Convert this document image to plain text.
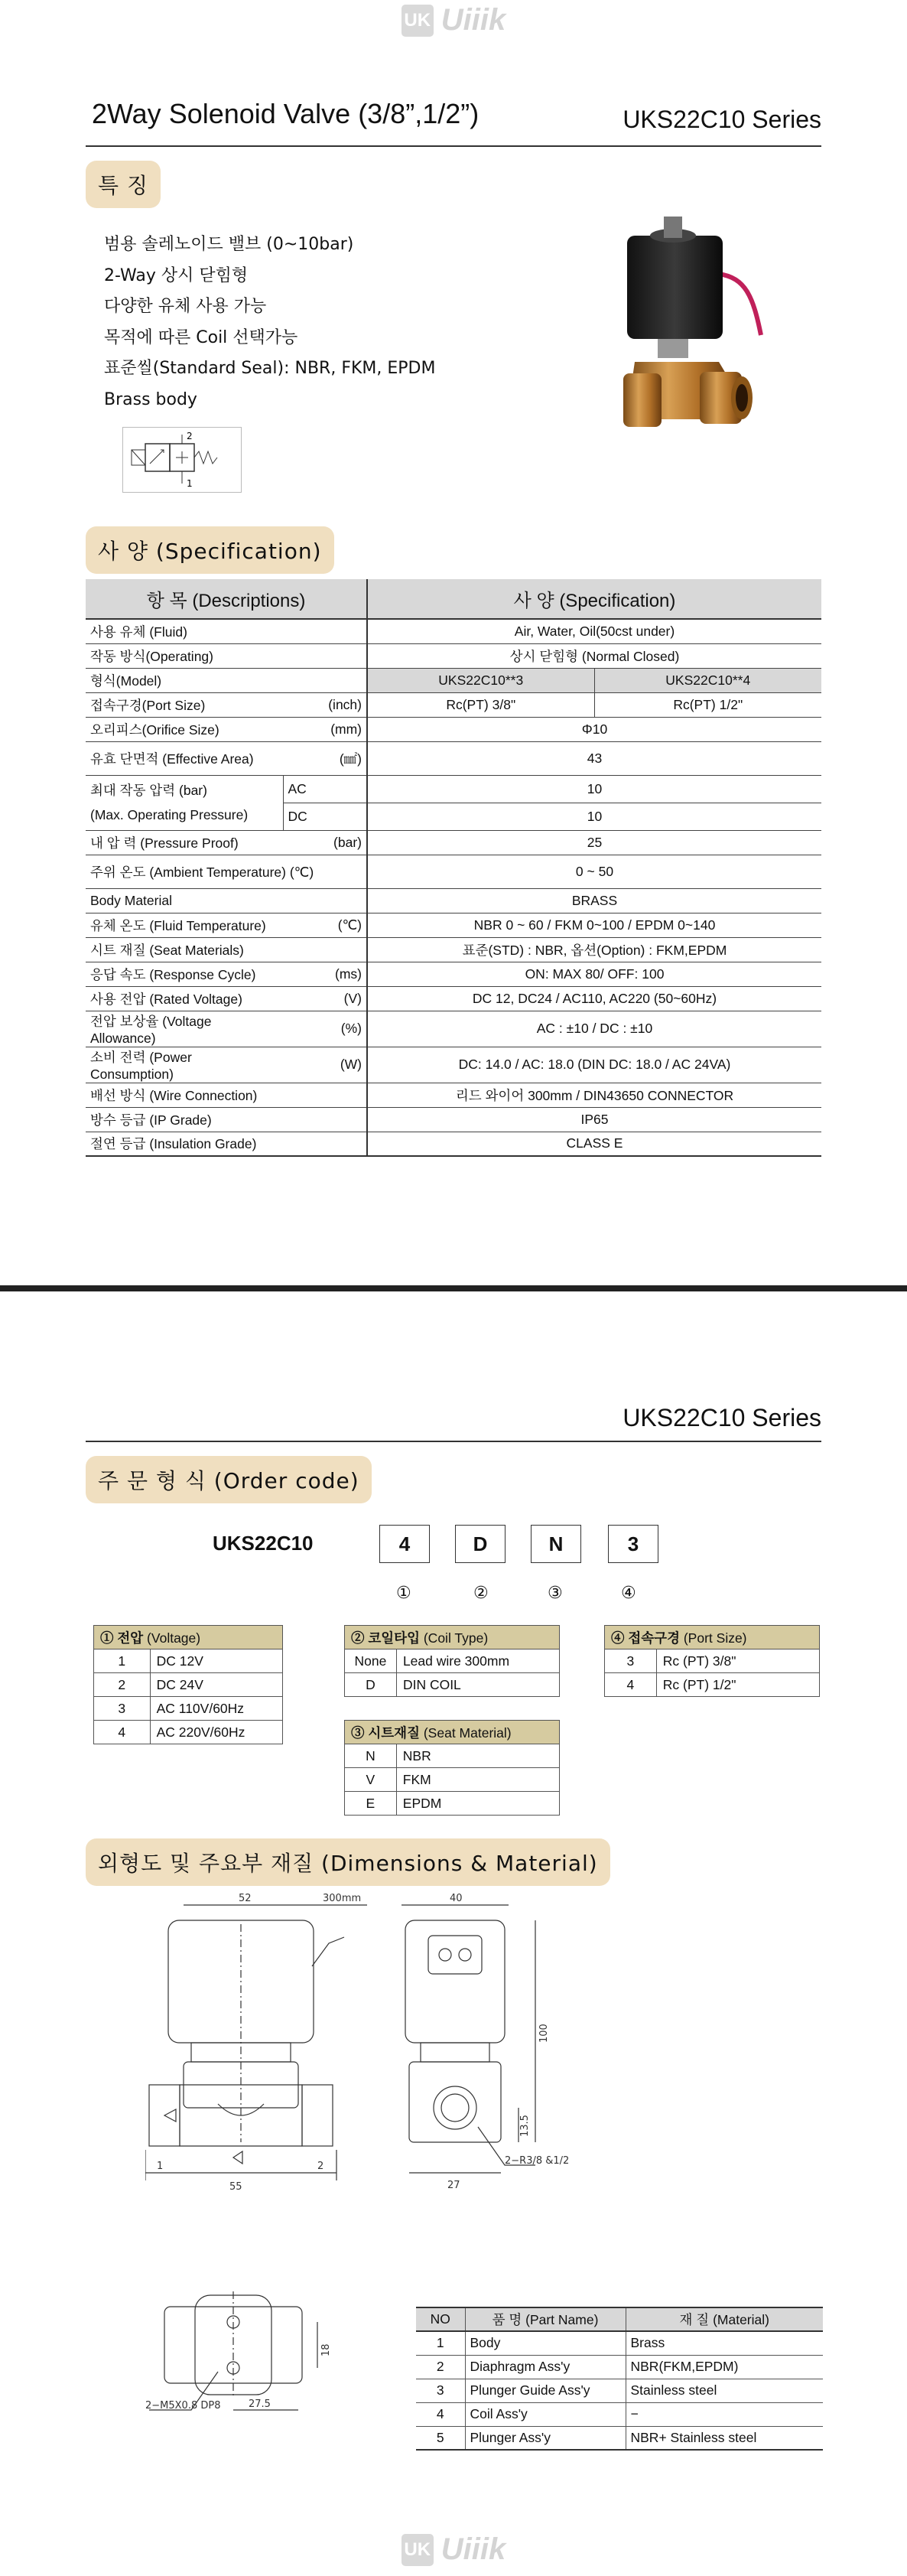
UK Uiiik
2Way Solenoid Valve (3/8”,1/2”)	UKS22C10 Series
특 징
범용 솔레노이드 밸브 (0~10bar)
2-Way 상시 닫힘형
다양한 유체 사용 가능
목적에 따른 Coil 선택가능
표준씰(Standard Seal): NBR, FKM, EPDM
Brass body
2
1
사 양 (Specification)
항 목 (Descriptions)		사 양 (Specification)	
사용 유체 (Fluid)		Air, Water, Oil(50cst under)	
작동 방식(Operating)		상시 닫힘형 (Normal Closed)	
형식(Model)		UKS22C10**3	UKS22C10**4
접속구경(Port Size)	(inch)	Rc(PT) 3/8"	Rc(PT) 1/2"
오리피스(Orifice Size)	(mm)	Φ10	
유효 단면적 (Effective Area)	(㎟)	43	

최대 작동 압력 (bar)
(Max. Operating Pressure)	AC	10	
	DC	10	
내 압 력 (Pressure Proof)	(bar)	25	
주위 온도 (Ambient Temperature) (℃)		0 ~ 50	
Body Material		BRASS	
유체 온도 (Fluid Temperature)	(℃)	NBR 0 ~ 60 / FKM 0~100 / EPDM 0~140	
시트 재질 (Seat Materials)		표준(STD) : NBR, 옵션(Option) : FKM,EPDM	
응답 속도 (Response Cycle)	(ms)	ON: MAX 80/ OFF: 100	
사용 전압 (Rated Voltage)	(V)	DC 12, DC24 / AC110, AC220 (50~60Hz)	
전압 보상율 (Voltage Allowance)	(%)	AC : ±10 / DC : ±10	
소비 전력 (Power Consumption)	(W)	DC: 14.0 / AC: 18.0 (DIN DC: 18.0 / AC 24VA)	
배선 방식 (Wire Connection)		리드 와이어 300mm / DIN43650 CONNECTOR	
방수 등급 (IP Grade)		IP65	
절연 등급 (Insulation Grade)		CLASS E	
UKS22C10 Series
주 문 형 식 (Order code)
UKS22C10	4	D	N	3
①	②	③	④
① 전압 (Voltage)	
1	DC 12V
2	DC 24V
3	AC 110V/60Hz
4	AC 220V/60Hz
② 코일타입 (Coil Type)	
None	Lead wire 300mm
D	DIN COIL
③ 시트재질 (Seat Material)	
N	NBR
V	FKM
E	EPDM
④ 접속구경 (Port Size)	
3	Rc (PT) 3/8"
4	Rc (PT) 1/2"
외형도 및 주요부 재질 (Dimensions & Material)
52	300mm
1	2
55
40
100
13.5
27
2−R3/8 &1/2
18
2−M5X0.8 DP8	27.5
NO	품 명 (Part Name)	재 질 (Material)
1	Body	Brass
2	Diaphragm Ass'y	NBR(FKM,EPDM)
3	Plunger Guide Ass'y	Stainless steel
4	Coil Ass'y	−
5	Plunger Ass'y	NBR+ Stainless steel
UK Uiiik
